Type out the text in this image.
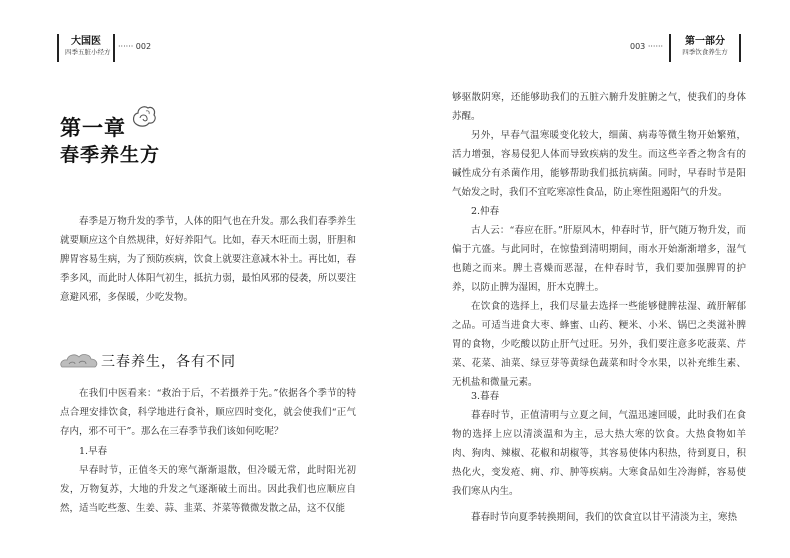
大国医
四季五脏小经方
······ 002
第一章
春季养生方

春季是万物升发的季节，人体的阳气也在升发。那么我们春季养生就要顺应这个自然规律，好好养阳气。比如，春天木旺而土弱，肝胆和脾胃容易生病，为了预防疾病，饮食上就要注意减木补土。再比如，春季多风，而此时人体阳气初生，抵抗力弱，最怕风邪的侵袭，所以要注意避风邪，多保暖，少吃发物。

三春养生，各有不同

在我们中医看来：“救治于后，不若摄养于先。”依据各个季节的特点合理安排饮食，科学地进行食补，顺应四时变化，就会使我们“正气存内，邪不可干”。那么在三春季节我们该如何吃呢？

1.早春

早春时节，正值冬天的寒气渐渐退散，但冷暖无常，此时阳光初发，万物复苏，大地的升发之气逐渐破土而出。因此我们也应顺应自然，适当吃些葱、生姜、蒜、韭菜、芥菜等微微发散之品，这不仅能

003 ······	第一部分
四季饮食养生方

够驱散阴寒，还能够助我们的五脏六腑升发脏腑之气，使我们的身体苏醒。

另外，早春气温寒暖变化较大，细菌、病毒等微生物开始繁殖，活力增强，容易侵犯人体而导致疾病的发生。而这些辛香之物含有的碱性成分有杀菌作用，能够帮助我们抵抗病菌。同时，早春时节是阳气始发之时，我们不宜吃寒凉性食品，防止寒性阻遏阳气的升发。

2.仲春

古人云：“春应在肝。”肝原风木，仲春时节，肝气随万物升发，而偏于亢盛。与此同时，在惊蛰到清明期间，雨水开始渐渐增多，湿气也随之而来。脾土喜燥而恶湿，在仲春时节，我们要加强脾胃的护养，以防止脾为湿困，肝木克脾土。

在饮食的选择上，我们尽量去选择一些能够健脾祛湿、疏肝解郁之品。可适当进食大枣、蜂蜜、山药、粳米、小米、锅巴之类滋补脾胃的食物，少吃酸以防止肝气过旺。另外，我们要注意多吃菠菜、芹菜、花菜、油菜、绿豆芽等黄绿色蔬菜和时令水果，以补充维生素、无机盐和微量元素。

3.暮春

暮春时节，正值清明与立夏之间，气温迅速回暖，此时我们在食物的选择上应以清淡温和为主，忌大热大寒的饮食。大热食物如羊肉、狗肉、辣椒、花椒和胡椒等，其容易使体内积热，待到夏日，积热化火，变发疮、痈、疖、肿等疾病。大寒食品如生冷海鲜，容易使我们寒从内生。

暮春时节向夏季转换期间，我们的饮食宜以甘平清淡为主，寒热
